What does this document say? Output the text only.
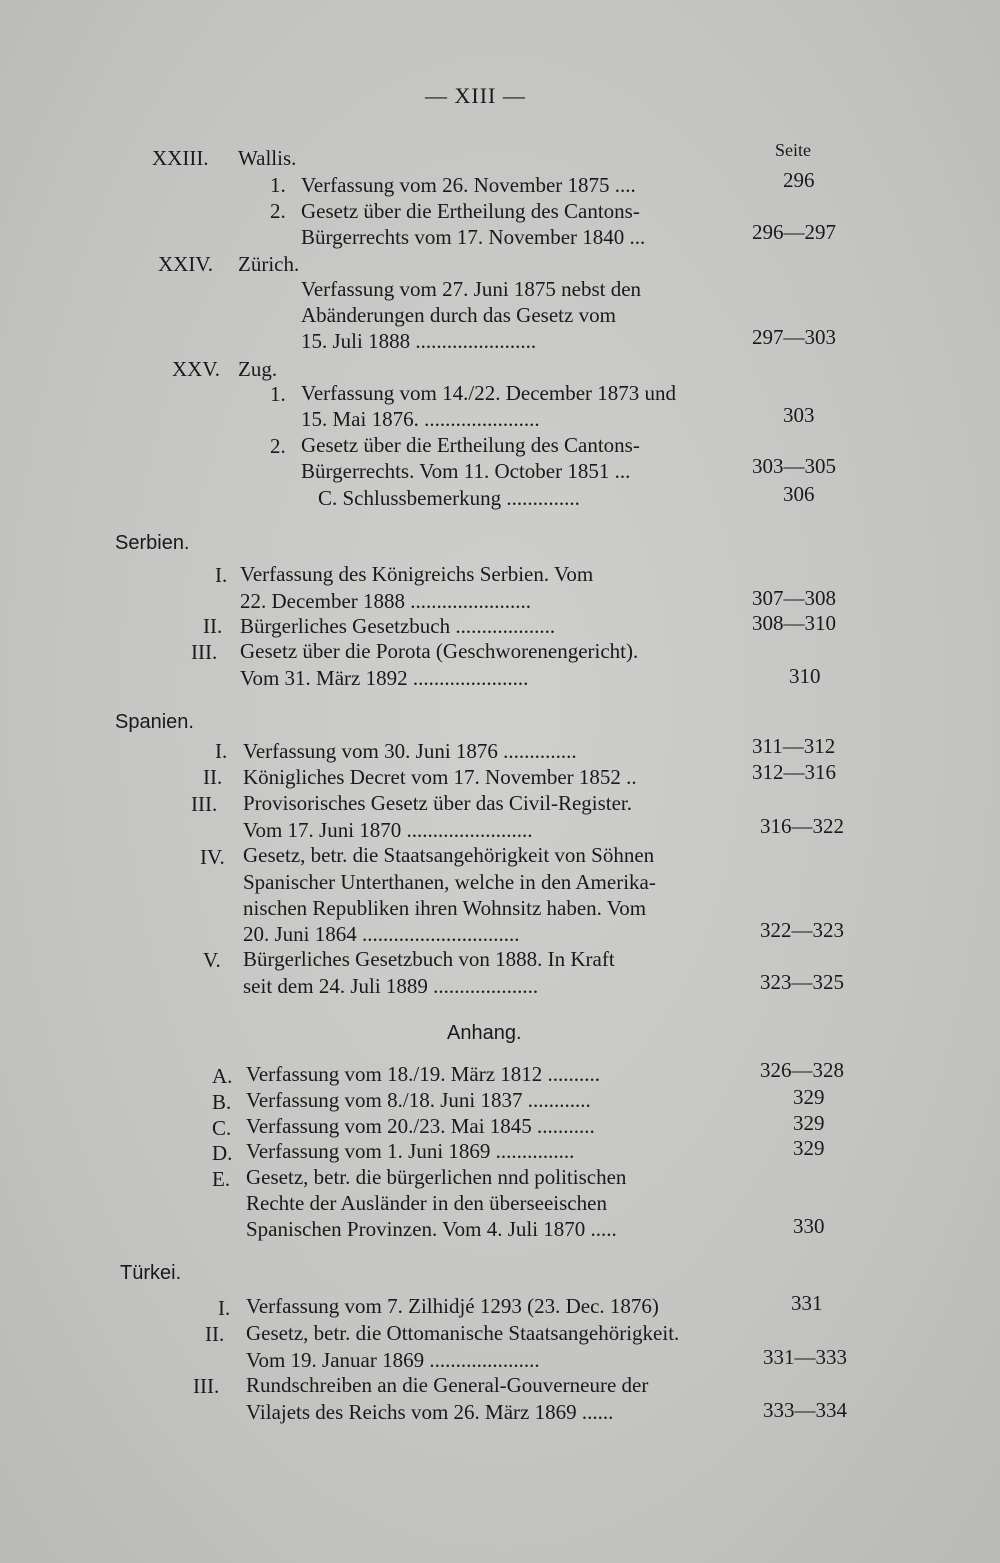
— XIII —
Seite
XXIII. Wallis.
1. Verfassung vom 26. November 1875 ....	296
2. Gesetz über die Ertheilung des Cantons-
Bürgerrechts vom 17. November 1840 ...	296—297
XXIV. Zürich.
Verfassung vom 27. Juni 1875 nebst den
Abänderungen durch das Gesetz vom
15. Juli 1888 .......................	297—303
XXV. Zug.
1. Verfassung vom 14./22. December 1873 und
15. Mai 1876. ......................	303
2. Gesetz über die Ertheilung des Cantons-
Bürgerrechts. Vom 11. October 1851 ...	303—305
C. Schlussbemerkung ..............	306
Serbien.
I. Verfassung des Königreichs Serbien. Vom
22. December 1888 .......................	307—308
II. Bürgerliches Gesetzbuch ...................	308—310
III. Gesetz über die Porota (Geschworenengericht).
Vom 31. März 1892 ......................	310
Spanien.
I. Verfassung vom 30. Juni 1876 ..............	311—312
II. Königliches Decret vom 17. November 1852 ..	312—316
III. Provisorisches Gesetz über das Civil-Register.
Vom 17. Juni 1870 ........................	316—322
IV. Gesetz, betr. die Staatsangehörigkeit von Söhnen
Spanischer Unterthanen, welche in den Amerika-
nischen Republiken ihren Wohnsitz haben. Vom
20. Juni 1864 ..............................	322—323
V. Bürgerliches Gesetzbuch von 1888. In Kraft
seit dem 24. Juli 1889 ....................	323—325
Anhang.
A. Verfassung vom 18./19. März 1812 ..........	326—328
B. Verfassung vom 8./18. Juni 1837 ............	329
C. Verfassung vom 20./23. Mai 1845 ...........	329
D. Verfassung vom 1. Juni 1869 ...............	329
E. Gesetz, betr. die bürgerlichen nnd politischen
Rechte der Ausländer in den überseeischen
Spanischen Provinzen. Vom 4. Juli 1870 .....	330
Türkei.
I. Verfassung vom 7. Zilhidjé 1293 (23. Dec. 1876)	331
II. Gesetz, betr. die Ottomanische Staatsangehörigkeit.
Vom 19. Januar 1869 .....................	331—333
III. Rundschreiben an die General-Gouverneure der
Vilajets des Reichs vom 26. März 1869 ......	333—334
